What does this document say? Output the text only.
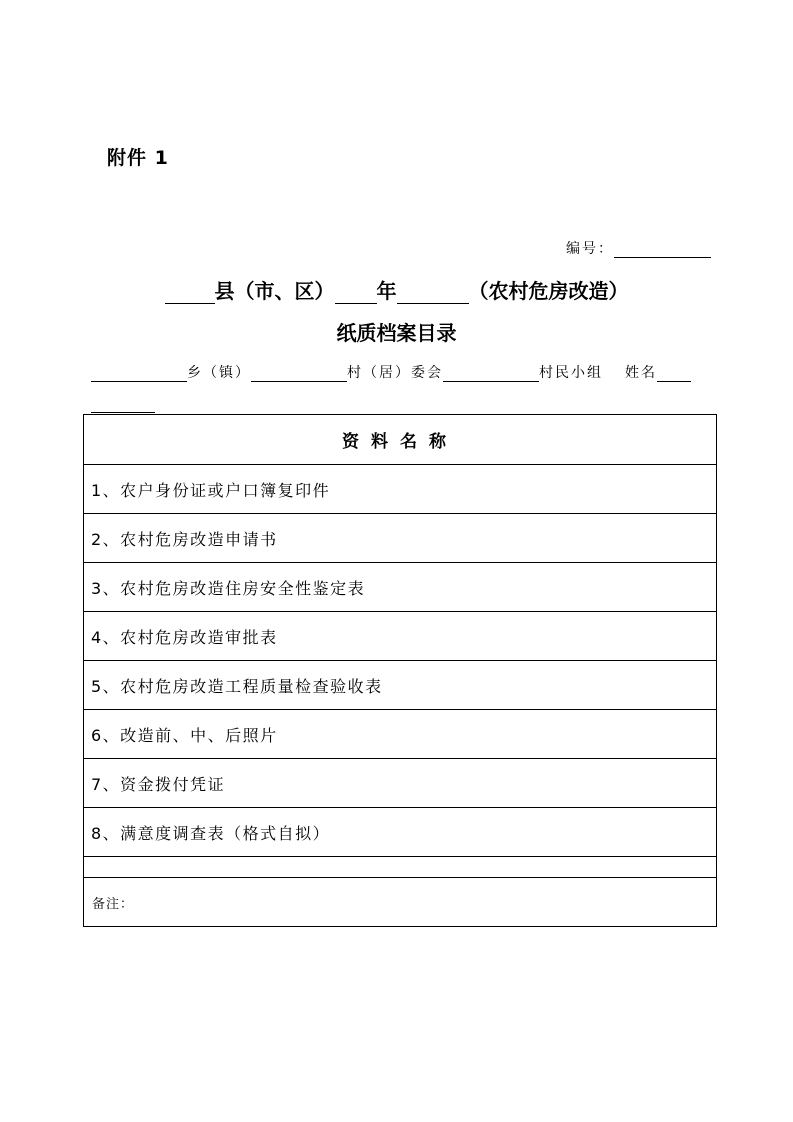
附件 1
编号：
县（市、区） 年	（农村危房改造）
纸质档案目录
乡（镇）	村（居）委会	村民小组 姓名
资料名称
1、农户身份证或户口簿复印件
2、农村危房改造申请书
3、农村危房改造住房安全性鉴定表
4、农村危房改造审批表
5、农村危房改造工程质量检查验收表
6、改造前、中、后照片
7、资金拨付凭证
8、满意度调查表（格式自拟）

备注：
